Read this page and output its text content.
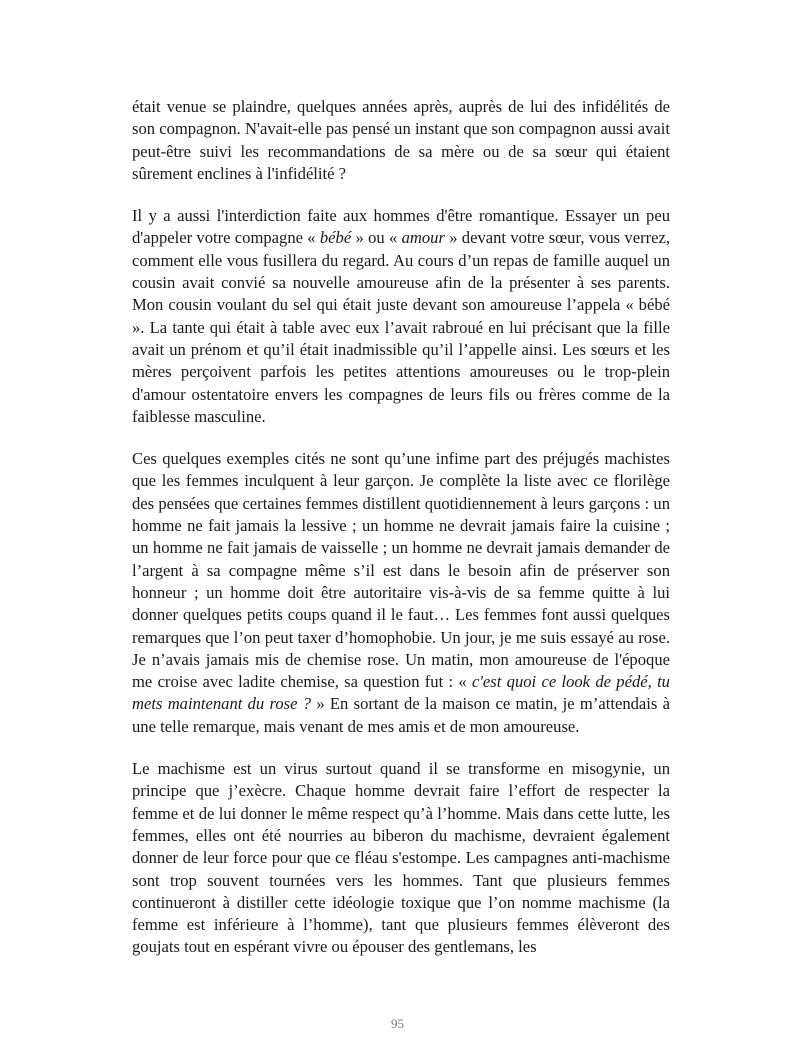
était venue se plaindre, quelques années après, auprès de lui des infidélités de son compagnon. N'avait-elle pas pensé un instant que son compagnon aussi avait peut-être suivi les recommandations de sa mère ou de sa sœur qui étaient sûrement enclines à l'infidélité ?

Il y a aussi l'interdiction faite aux hommes d'être romantique. Essayer un peu d'appeler votre compagne « bébé » ou « amour » devant votre sœur, vous verrez, comment elle vous fusillera du regard. Au cours d’un repas de famille auquel un cousin avait convié sa nouvelle amoureuse afin de la présenter à ses parents. Mon cousin voulant du sel qui était juste devant son amoureuse l’appela « bébé ». La tante qui était à table avec eux l’avait rabroué en lui précisant que la fille avait un prénom et qu’il était inadmissible qu’il l’appelle ainsi. Les sœurs et les mères perçoivent parfois les petites attentions amoureuses ou le trop-plein d'amour ostentatoire envers les compagnes de leurs fils ou frères comme de la faiblesse masculine.

Ces quelques exemples cités ne sont qu’une infime part des préjugés machistes que les femmes inculquent à leur garçon. Je complète la liste avec ce florilège des pensées que certaines femmes distillent quotidiennement à leurs garçons : un homme ne fait jamais la lessive ; un homme ne devrait jamais faire la cuisine ; un homme ne fait jamais de vaisselle ; un homme ne devrait jamais demander de l’argent à sa compagne même s’il est dans le besoin afin de préserver son honneur ; un homme doit être autoritaire vis-à-vis de sa femme quitte à lui donner quelques petits coups quand il le faut… Les femmes font aussi quelques remarques que l’on peut taxer d’homophobie. Un jour, je me suis essayé au rose. Je n’avais jamais mis de chemise rose. Un matin, mon amoureuse de l'époque me croise avec ladite chemise, sa question fut : « c'est quoi ce look de pédé, tu mets maintenant du rose ? » En sortant de la maison ce matin, je m’attendais à une telle remarque, mais venant de mes amis et de mon amoureuse.

Le machisme est un virus surtout quand il se transforme en misogynie, un principe que j’exècre. Chaque homme devrait faire l’effort de respecter la femme et de lui donner le même respect qu’à l’homme. Mais dans cette lutte, les femmes, elles ont été nourries au biberon du machisme, devraient également donner de leur force pour que ce fléau s'estompe. Les campagnes anti-machisme sont trop souvent tournées vers les hommes. Tant que plusieurs femmes continueront à distiller cette idéologie toxique que l’on nomme machisme (la femme est inférieure à l’homme), tant que plusieurs femmes élèveront des goujats tout en espérant vivre ou épouser des gentlemans, les

95
